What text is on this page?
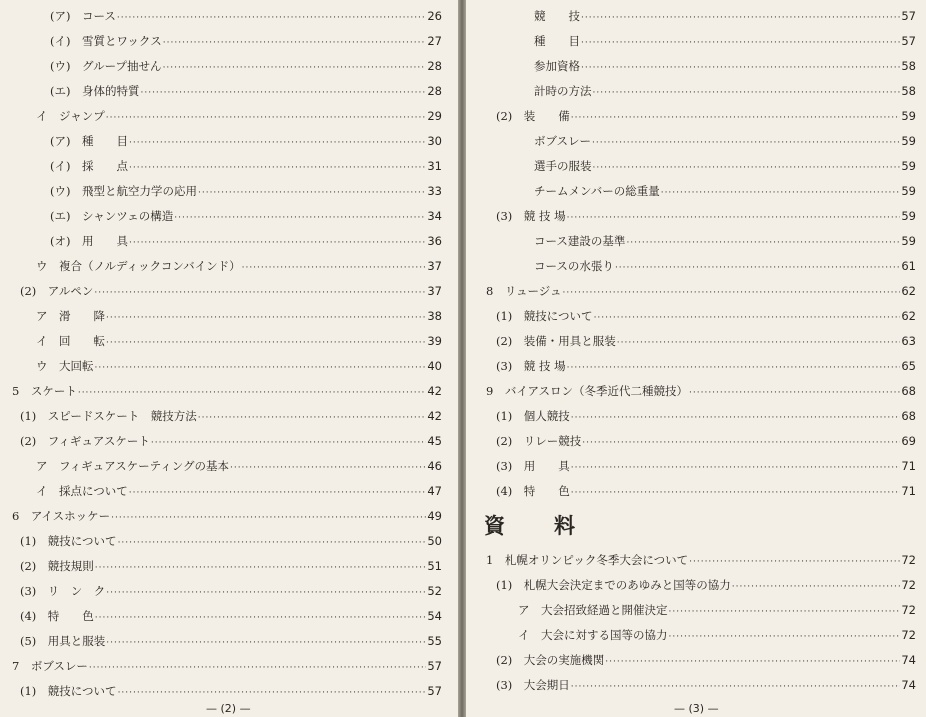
(ア)　コース ·····	26
(イ)　雪質とワックス ·····	27
(ウ)　グループ抽せん ·····	28
(エ)　身体的特質 ·····	28
イ　ジャンプ ·····	29
(ア)　種　　目 ·····	30
(イ)　採　　点 ·····	31
(ウ)　飛型と航空力学の応用 ·····	33
(エ)　シャンツェの構造 ·····	34
(オ)　用　　具 ·····	36
ウ　複合（ノルディックコンバインド） ·····	37
(2)　アルペン ·····	37
ア　滑　　降 ·····	38
イ　回　　転 ·····	39
ウ　大回転 ·····	40
5　スケート ·····	42
(1)　スピードスケート　競技方法 ·····	42
(2)　フィギュアスケート ·····	45
ア　フィギュアスケーティングの基本 ·····	46
イ　採点について ·····	47
6　アイスホッケー ·····	49
(1)　競技について ·····	50
(2)　競技規則 ·····	51
(3)　リ　ン　ク ·····	52
(4)　特　　色 ·····	54
(5)　用具と服装 ·····	55
7　ボブスレー ·····	57
(1)　競技について ·····	57
— (2) —
競　　技 ·····	57
種　　目 ·····	57
参加資格 ·····	58
計時の方法 ·····	58
(2)　装　　備 ·····	59
ボブスレー ·····	59
選手の服装 ·····	59
チームメンバーの総重量 ·····	59
(3)　競 技 場 ·····	59
コース建設の基準 ·····	59
コースの水張り ·····	61
8　リュージュ ·····	62
(1)　競技について ·····	62
(2)　装備・用具と服装 ·····	63
(3)　競 技 場 ·····	65
9　バイアスロン（冬季近代二種競技） ·····	68
(1)　個人競技 ·····	68
(2)　リレー競技 ·····	69
(3)　用　　具 ·····	71
(4)　特　　色 ·····	71
1　札幌オリンピック冬季大会について ·····	72
(1)　札幌大会決定までのあゆみと国等の協力 ·····	72
ア　大会招致経過と開催決定 ·····	72
イ　大会に対する国等の協力 ·····	72
(2)　大会の実施機関 ·····	74
(3)　大会期日 ·····	74
資　料
— (3) —
